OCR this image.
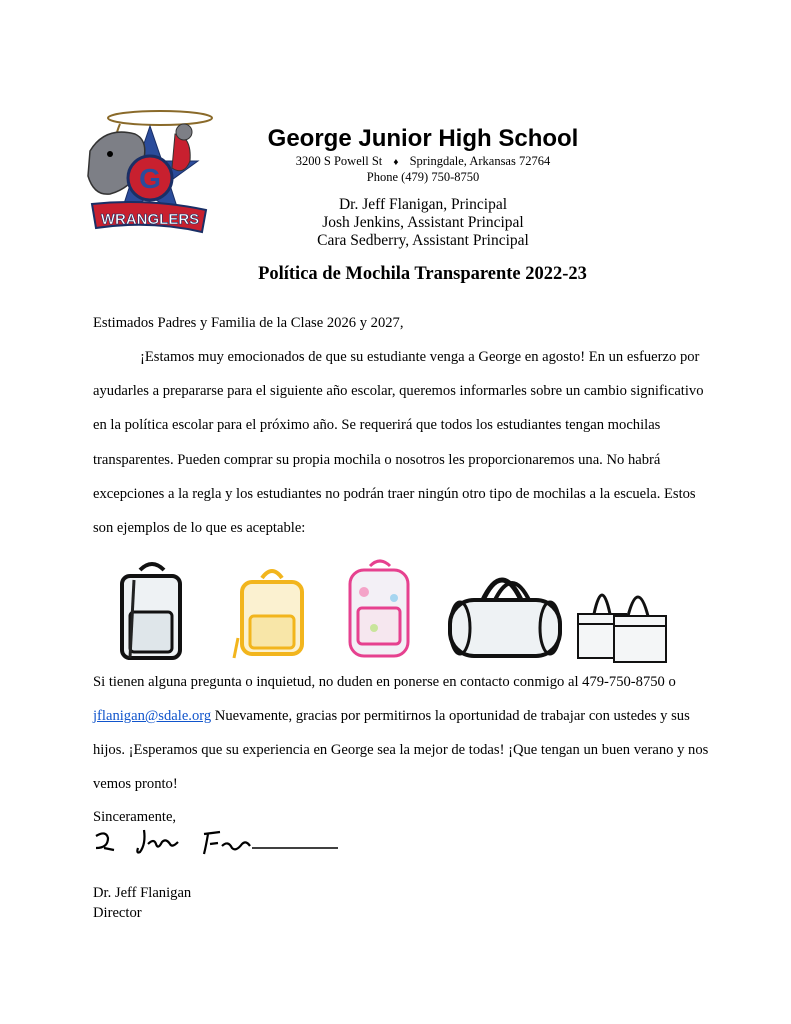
G
WRANGLERS
George Junior High School
3200 S Powell St ♦ Springdale, Arkansas 72764
Phone (479) 750-8750
Dr. Jeff Flanigan, Principal
Josh Jenkins, Assistant Principal
Cara Sedberry, Assistant Principal
Política de Mochila Transparente 2022-23
Estimados Padres y Familia de la Clase 2026 y 2027,
¡Estamos muy emocionados de que su estudiante venga a George en agosto! En un esfuerzo por
ayudarles a prepararse para el siguiente año escolar, queremos informarles sobre un cambio significativo
en la política escolar para el próximo año. Se requerirá que todos los estudiantes tengan mochilas
transparentes. Pueden comprar su propia mochila o nosotros les proporcionaremos una. No habrá
excepciones a la regla y los estudiantes no podrán traer ningún otro tipo de mochilas a la escuela. Estos
son ejemplos de lo que es aceptable:
Si tienen alguna pregunta o inquietud, no duden en ponerse en contacto conmigo al 479-750-8750 o
jflanigan@sdale.org Nuevamente, gracias por permitirnos la oportunidad de trabajar con ustedes y sus
hijos. ¡Esperamos que su experiencia en George sea la mejor de todas! ¡Que tengan un buen verano y nos
vemos pronto!
Sinceramente,
Dr. Jeff Flanigan
Director
